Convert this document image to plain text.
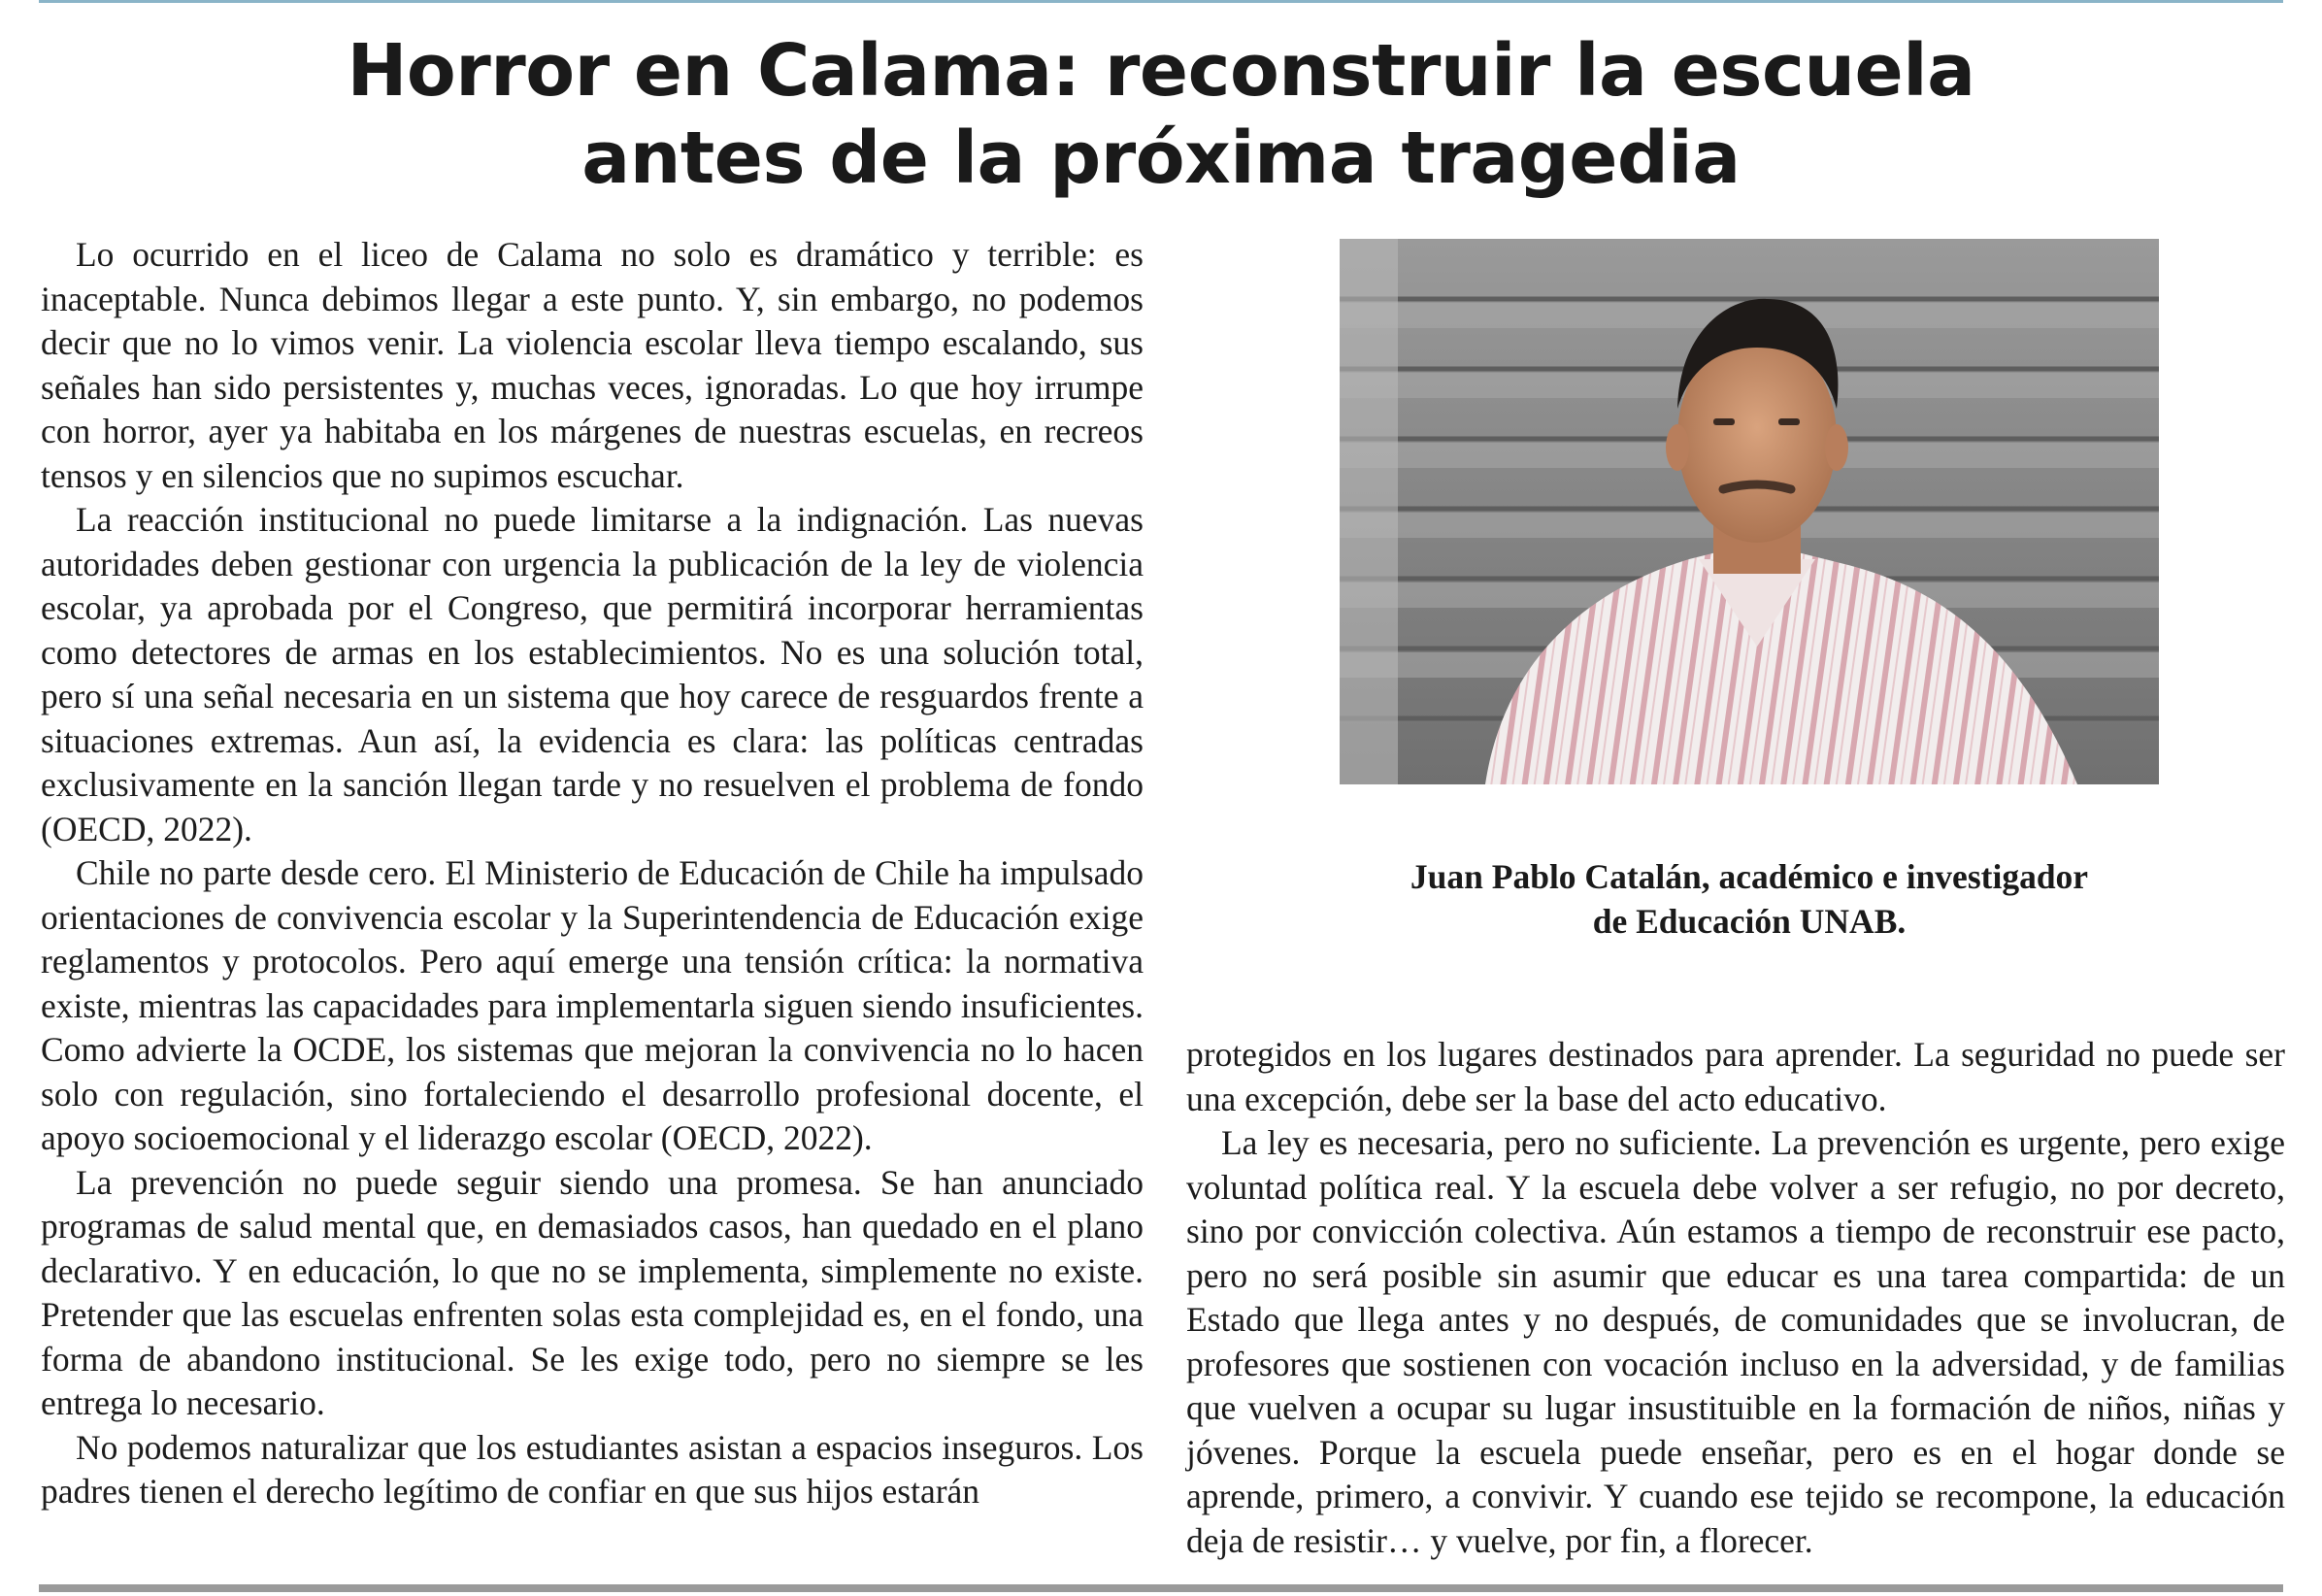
Horror en Calama: reconstruir la escuela
antes de la próxima tragedia

Lo ocurrido en el liceo de Calama no solo es dramático y terrible: es inaceptable. Nunca debimos llegar a este punto. Y, sin embargo, no podemos decir que no lo vimos venir. La violencia escolar lleva tiempo escalando, sus señales han sido persistentes y, muchas veces, ignoradas. Lo que hoy irrumpe con horror, ayer ya habitaba en los márgenes de nuestras escuelas, en recreos tensos y en silencios que no supimos escuchar.

La reacción institucional no puede limitarse a la indignación. Las nuevas autoridades deben gestionar con urgencia la publicación de la ley de violencia escolar, ya aprobada por el Congreso, que permitirá incorporar herramientas como detectores de armas en los establecimientos. No es una solución total, pero sí una señal necesaria en un sistema que hoy carece de resguardos frente a situaciones extremas. Aun así, la evidencia es clara: las políticas centradas exclusivamente en la sanción llegan tarde y no resuelven el problema de fondo (OECD, 2022).

Chile no parte desde cero. El Ministerio de Educación de Chile ha impulsado orientaciones de convivencia escolar y la Superintendencia de Educación exige reglamentos y protocolos. Pero aquí emerge una tensión crítica: la normativa existe, mientras las capacidades para implementarla siguen siendo insuficientes. Como advierte la OCDE, los sistemas que mejoran la convivencia no lo hacen solo con regulación, sino fortaleciendo el desarrollo profesional docente, el apoyo socioemocional y el liderazgo escolar (OECD, 2022).

La prevención no puede seguir siendo una promesa. Se han anunciado programas de salud mental que, en demasiados casos, han quedado en el plano declarativo. Y en educación, lo que no se implementa, simplemente no existe. Pretender que las escuelas enfrenten solas esta complejidad es, en el fondo, una forma de abandono institucional. Se les exige todo, pero no siempre se les entrega lo necesario.

No podemos naturalizar que los estudiantes asistan a espacios inseguros. Los padres tienen el derecho legítimo de confiar en que sus hijos estarán

Juan Pablo Catalán, académico e investigador
de Educación UNAB.

protegidos en los lugares destinados para aprender. La seguridad no puede ser una excepción, debe ser la base del acto educativo.

La ley es necesaria, pero no suficiente. La prevención es urgente, pero exige voluntad política real. Y la escuela debe volver a ser refugio, no por decreto, sino por convicción colectiva. Aún estamos a tiempo de reconstruir ese pacto, pero no será posible sin asumir que educar es una tarea compartida: de un Estado que llega antes y no después, de comunidades que se involucran, de profesores que sostienen con vocación incluso en la adversidad, y de familias que vuelven a ocupar su lugar insustituible en la formación de niños, niñas y jóvenes. Porque la escuela puede enseñar, pero es en el hogar donde se aprende, primero, a convivir. Y cuando ese tejido se recompone, la educación deja de resistir… y vuelve, por fin, a florecer.
